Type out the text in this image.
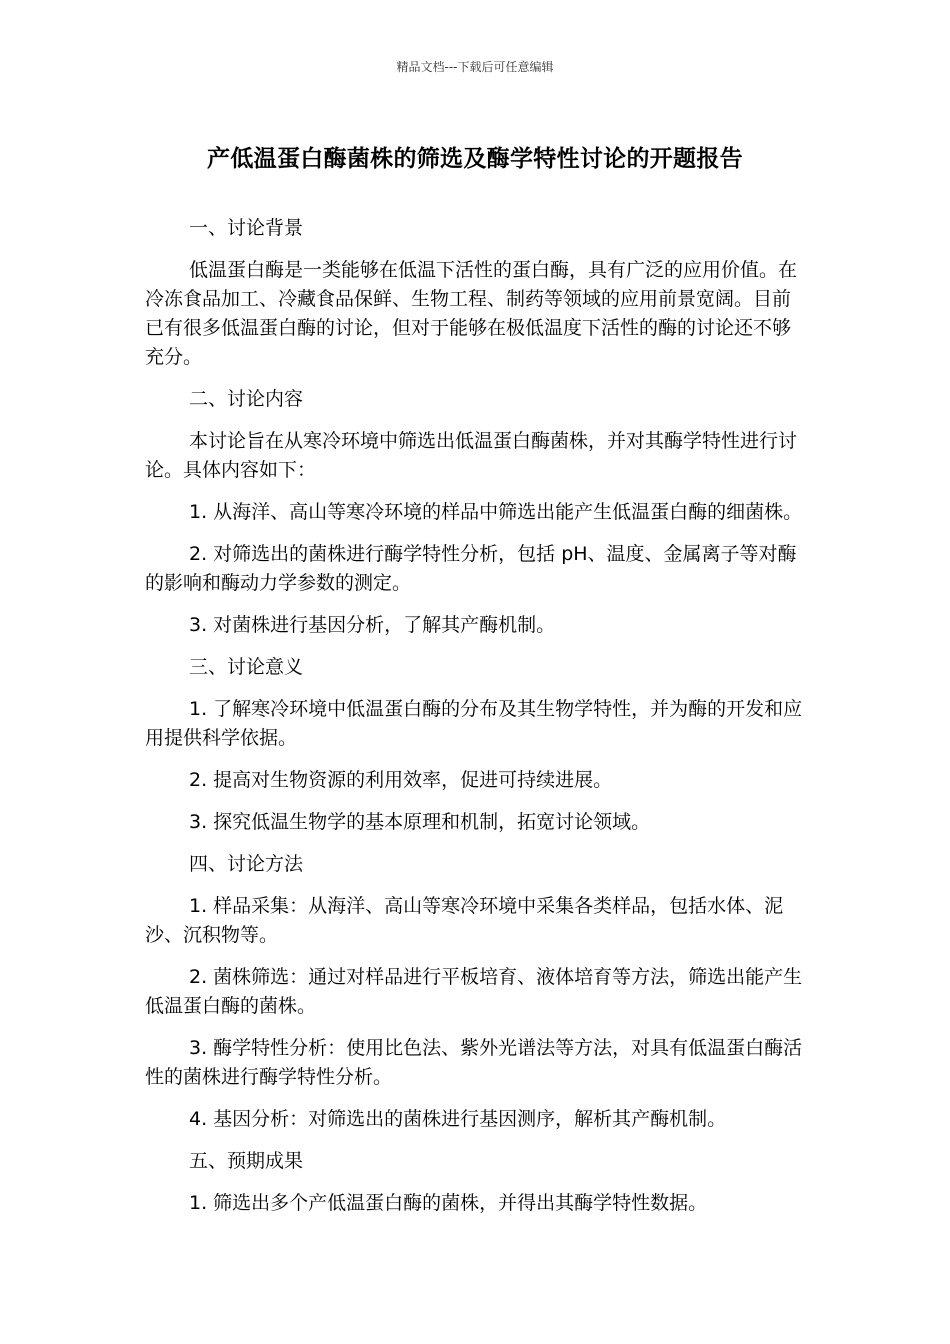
精品文档---下载后可任意编辑
产低温蛋白酶菌株的筛选及酶学特性讨论的开题报告

一、讨论背景

低温蛋白酶是一类能够在低温下活性的蛋白酶，具有广泛的应用价值。在冷冻食品加工、冷藏食品保鲜、生物工程、制药等领域的应用前景宽阔。目前已有很多低温蛋白酶的讨论，但对于能够在极低温度下活性的酶的讨论还不够充分。

二、讨论内容

本讨论旨在从寒冷环境中筛选出低温蛋白酶菌株，并对其酶学特性进行讨论。具体内容如下：

1. 从海洋、高山等寒冷环境的样品中筛选出能产生低温蛋白酶的细菌株。

2. 对筛选出的菌株进行酶学特性分析，包括 pH、温度、金属离子等对酶的影响和酶动力学参数的测定。

3. 对菌株进行基因分析，了解其产酶机制。

三、讨论意义

1. 了解寒冷环境中低温蛋白酶的分布及其生物学特性，并为酶的开发和应用提供科学依据。

2. 提高对生物资源的利用效率，促进可持续进展。

3. 探究低温生物学的基本原理和机制，拓宽讨论领域。

四、讨论方法

1. 样品采集：从海洋、高山等寒冷环境中采集各类样品，包括水体、泥沙、沉积物等。

2. 菌株筛选：通过对样品进行平板培育、液体培育等方法，筛选出能产生低温蛋白酶的菌株。

3. 酶学特性分析：使用比色法、紫外光谱法等方法，对具有低温蛋白酶活性的菌株进行酶学特性分析。

4. 基因分析：对筛选出的菌株进行基因测序，解析其产酶机制。

五、预期成果

1. 筛选出多个产低温蛋白酶的菌株，并得出其酶学特性数据。
